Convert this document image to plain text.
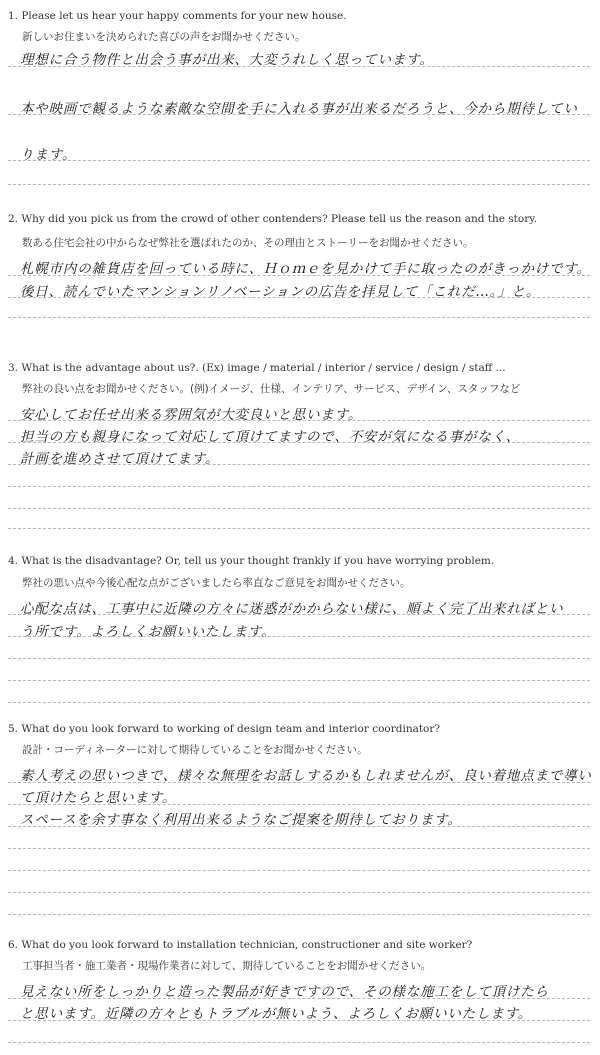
1. Please let us hear your happy comments for your new house.
新しいお住まいを決められた喜びの声をお聞かせください。
理想に合う物件と出会う事が出来、大変うれしく思っています。
本や映画で観るような素敵な空間を手に入れる事が出来るだろうと、今から期待してい
ります。
2. Why did you pick us from the crowd of other contenders? Please tell us the reason and the story.
数ある住宅会社の中からなぜ弊社を選ばれたのか、その理由とストーリーをお聞かせください。
札幌市内の雑貨店を回っている時に、Ｈｏｍｅを見かけて手に取ったのがきっかけです。
後日、読んでいたマンションリノベーションの広告を拝見して「これだ…。」と。
3. What is the advantage about us?. (Ex) image / material / interior / service / design / staff ...
弊社の良い点をお聞かせください。(例)イメージ、仕様、インテリア、サービス、デザイン、スタッフなど
安心してお任せ出来る雰囲気が大変良いと思います。
担当の方も親身になって対応して頂けてますので、不安が気になる事がなく、
計画を進めさせて頂けてます。
4. What is the disadvantage? Or, tell us your thought frankly if you have worrying problem.
弊社の悪い点や今後心配な点がございましたら率直なご意見をお聞かせください。
心配な点は、工事中に近隣の方々に迷惑がかからない様に、順よく完了出来ればとい
う所です。よろしくお願いいたします。
5. What do you look forward to working of design team and interior coordinator?
設計・コーディネーターに対して期待していることをお聞かせください。
素人考えの思いつきで、様々な無理をお話しするかもしれませんが、良い着地点まで導い
て頂けたらと思います。
スペースを余す事なく利用出来るようなご提案を期待しております。
6. What do you look forward to installation technician, constructioner and site worker?
工事担当者・施工業者・現場作業者に対して、期待していることをお聞かせください。
見えない所をしっかりと造った製品が好きですので、その様な施工をして頂けたら
と思います。近隣の方々ともトラブルが無いよう、よろしくお願いいたします。
